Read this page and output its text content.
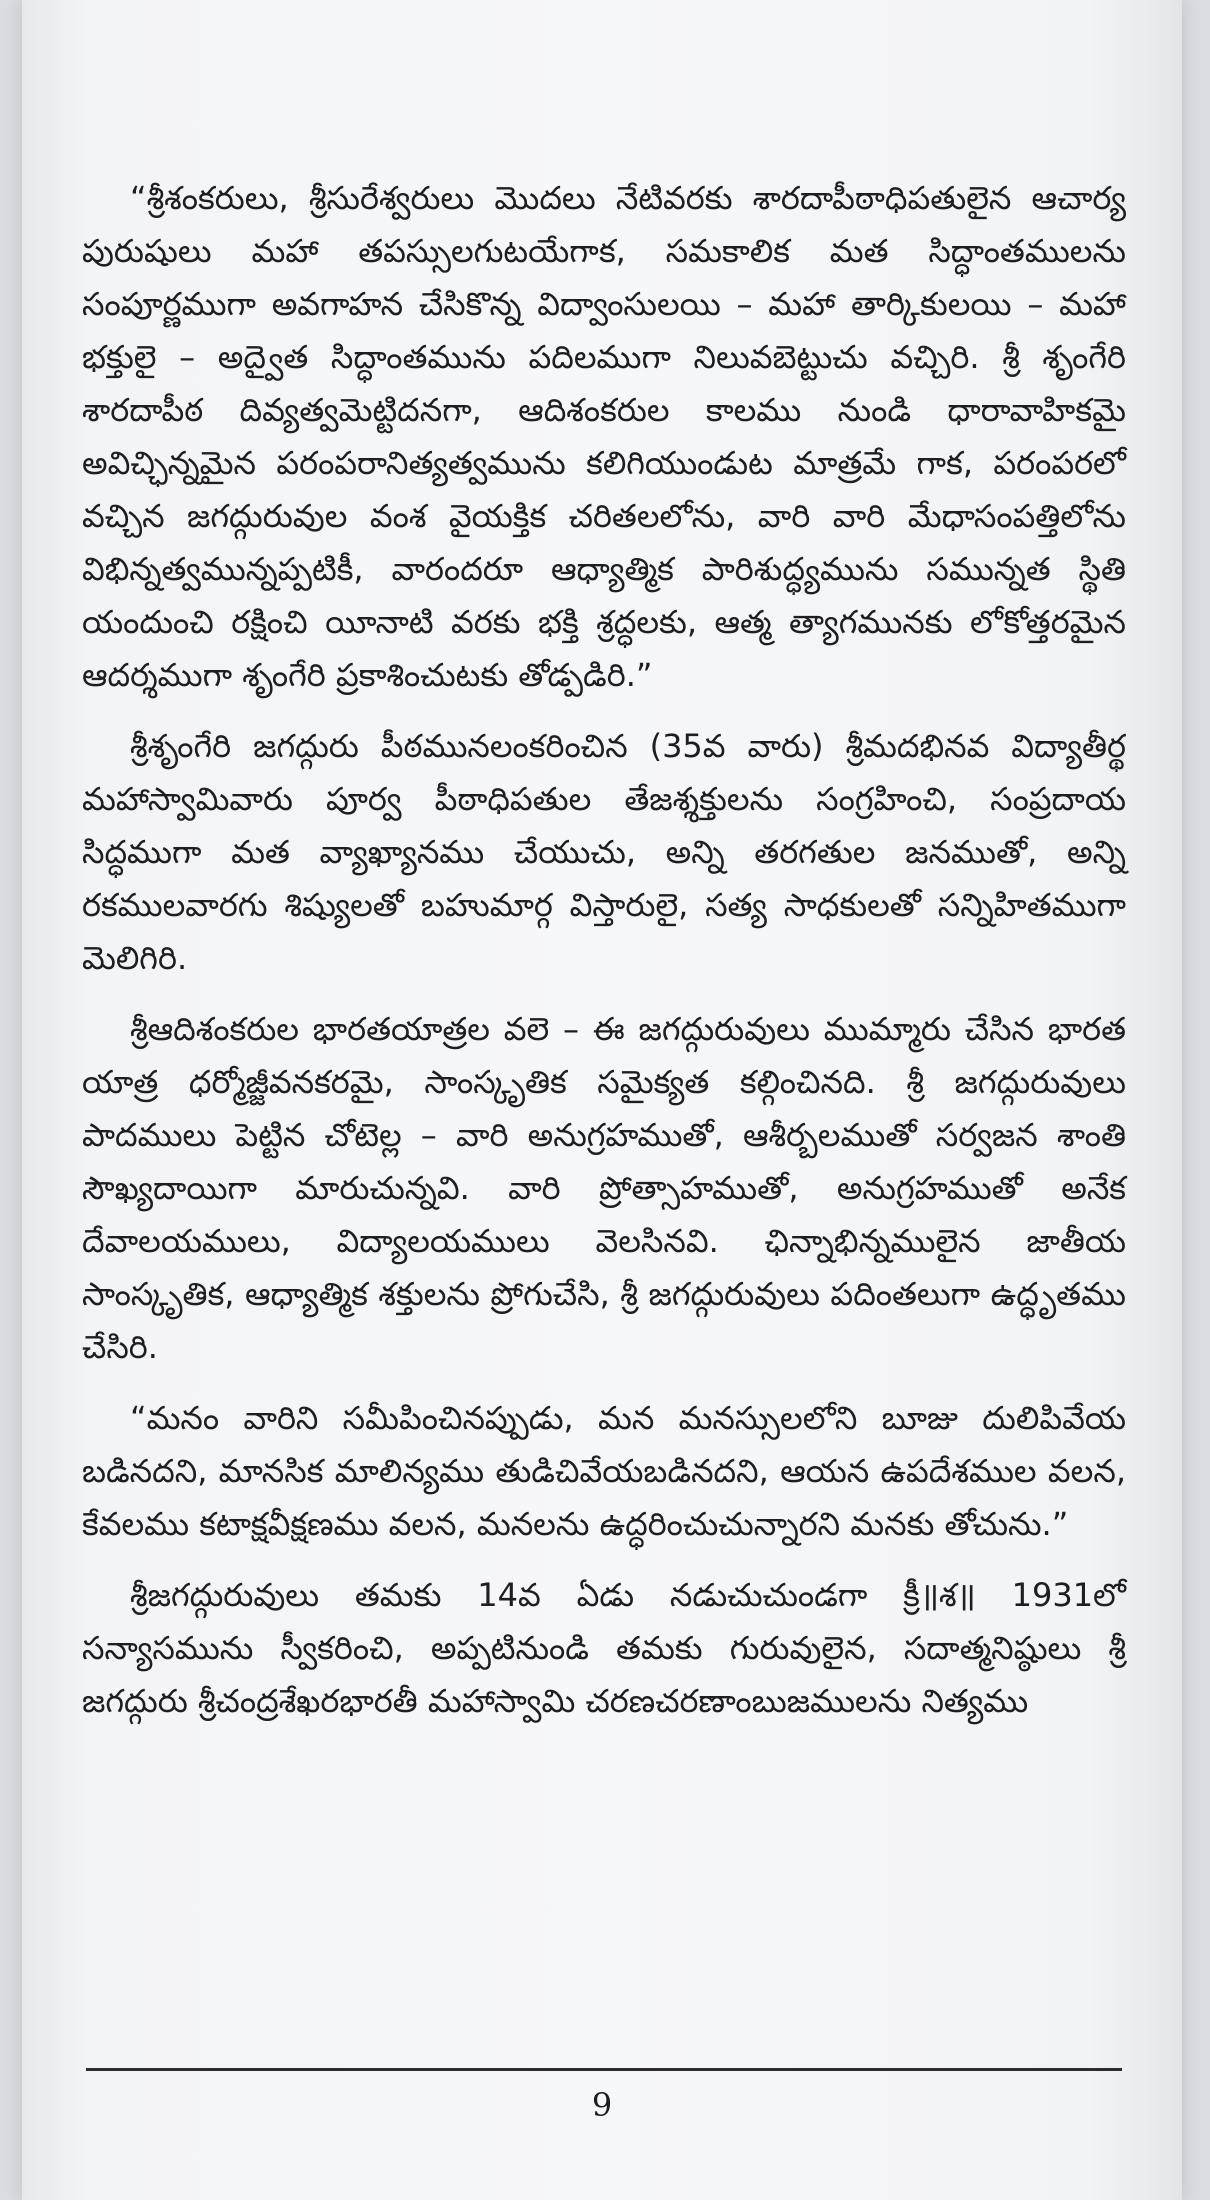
“శ్రీశంకరులు, శ్రీసురేశ్వరులు మొదలు నేటివరకు శారదాపీఠాధిపతులైన ఆచార్య పురుషులు మహా తపస్సులగుటయేగాక, సమకాలిక మత సిద్ధాంతములను సంపూర్ణముగా అవగాహన చేసికొన్న విద్వాంసులయి – మహా తార్కికులయి – మహా భక్తులై – అద్వైత సిద్ధాంతమును పదిలముగా నిలువబెట్టుచు వచ్చిరి. శ్రీ శృంగేరి శారదాపీఠ దివ్యత్వమెట్టిదనగా, ఆదిశంకరుల కాలము నుండి ధారావాహికమై అవిచ్ఛిన్నమైన పరంపరానిత్యత్వమును కలిగియుండుట మాత్రమే గాక, పరంపరలో వచ్చిన జగద్గురువుల వంశ వైయక్తిక చరితలలోను, వారి వారి మేధాసంపత్తిలోను విభిన్నత్వమున్నప్పటికీ, వారందరూ ఆధ్యాత్మిక పారిశుద్ధ్యమును సమున్నత స్థితి యందుంచి రక్షించి యీనాటి వరకు భక్తి శ్రద్ధలకు, ఆత్మ త్యాగమునకు లోకోత్తరమైన ఆదర్శముగా శృంగేరి ప్రకాశించుటకు తోడ్పడిరి.”

శ్రీశృంగేరి జగద్గురు పీఠమునలంకరించిన (35వ వారు) శ్రీమదభినవ విద్యాతీర్థ మహాస్వామివారు పూర్వ పీఠాధిపతుల తేజశ్శక్తులను సంగ్రహించి, సంప్రదాయ సిద్ధముగా మత వ్యాఖ్యానము చేయుచు, అన్ని తరగతుల జనముతో, అన్ని రకములవారగు శిష్యులతో బహుమార్గ విస్తారులై, సత్య సాధకులతో సన్నిహితముగా మెలిగిరి.

శ్రీఆదిశంకరుల భారతయాత్రల వలె – ఈ జగద్గురువులు ముమ్మారు చేసిన భారత యాత్ర ధర్మోజ్జీవనకరమై, సాంస్కృతిక సమైక్యత కల్గించినది. శ్రీ జగద్గురువులు పాదములు పెట్టిన చోటెల్ల – వారి అనుగ్రహముతో, ఆశీర్బలముతో సర్వజన శాంతి సౌఖ్యదాయిగా మారుచున్నవి. వారి ప్రోత్సాహముతో, అనుగ్రహముతో అనేక దేవాలయములు, విద్యాలయములు వెలసినవి. ఛిన్నాభిన్నములైన జాతీయ సాంస్కృతిక, ఆధ్యాత్మిక శక్తులను ప్రోగుచేసి, శ్రీ జగద్గురువులు పదింతలుగా ఉద్ధృతము చేసిరి.

“మనం వారిని సమీపించినప్పుడు, మన మనస్సులలోని బూజు దులిపివేయ బడినదని, మానసిక మాలిన్యము తుడిచివేయబడినదని, ఆయన ఉపదేశముల వలన, కేవలము కటాక్షవీక్షణము వలన, మనలను ఉద్ధరించుచున్నారని మనకు తోచును.”

శ్రీజగద్గురువులు తమకు 14వ ఏడు నడుచుచుండగా క్రీ॥శ॥ 1931లో సన్యాసమును స్వీకరించి, అప్పటినుండి తమకు గురువులైన, సదాత్మనిష్ఠులు శ్రీ జగద్గురు శ్రీచంద్రశేఖరభారతీ మహాస్వామి చరణచరణాంబుజములను నిత్యము

9
